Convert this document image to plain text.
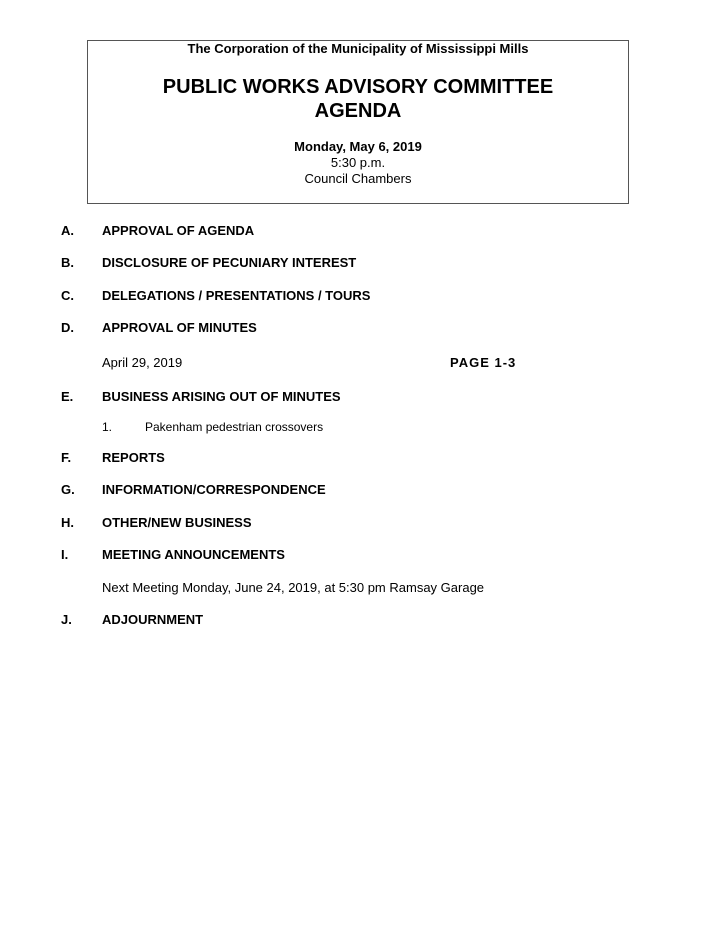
The Corporation of the Municipality of Mississippi Mills
PUBLIC WORKS ADVISORY COMMITTEE
AGENDA
Monday, May 6, 2019
5:30 p.m.
Council Chambers
A. APPROVAL OF AGENDA
B. DISCLOSURE OF PECUNIARY INTEREST
C. DELEGATIONS / PRESENTATIONS / TOURS
D. APPROVAL OF MINUTES
April 29, 2019	PAGE 1-3
E. BUSINESS ARISING OUT OF MINUTES
1.	Pakenham pedestrian crossovers
F. REPORTS
G. INFORMATION/CORRESPONDENCE
H. OTHER/NEW BUSINESS
I.	MEETING ANNOUNCEMENTS
Next Meeting Monday, June 24, 2019, at 5:30 pm Ramsay Garage
J. ADJOURNMENT
